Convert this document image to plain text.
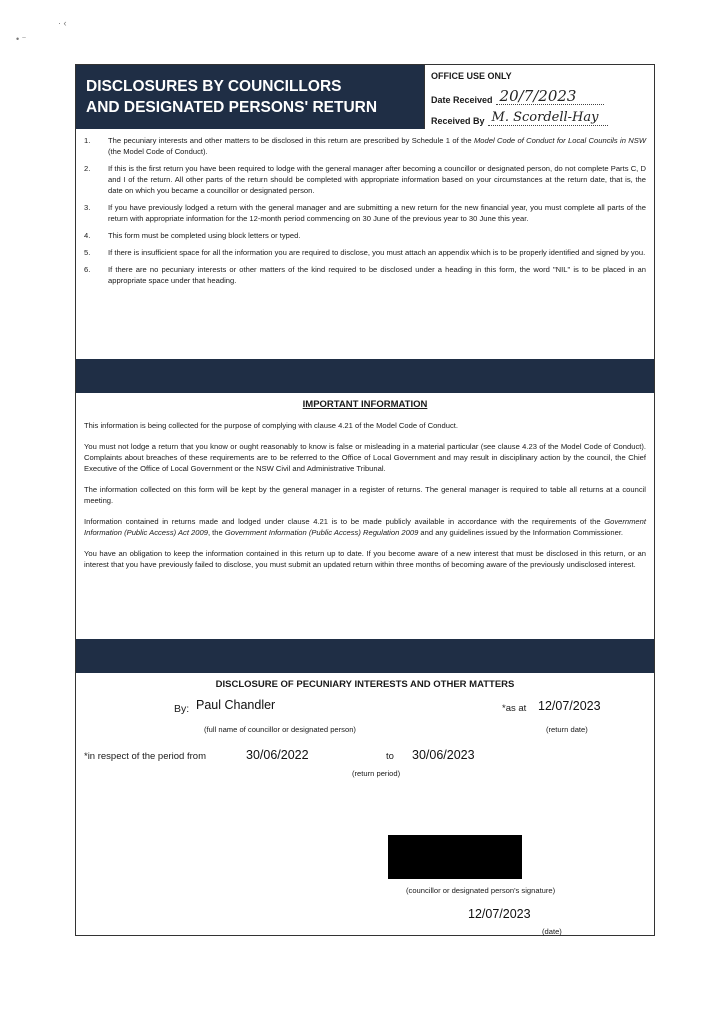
· ‹
• ⁻
DISCLOSURES BY COUNCILLORS
AND DESIGNATED PERSONS' RETURN
OFFICE USE ONLY
Date Received 20/7/2023
Received By M. Scordell-Hay
1. The pecuniary interests and other matters to be disclosed in this return are prescribed by Schedule 1 of the Model Code of Conduct for Local Councils in NSW (the Model Code of Conduct).
2. If this is the first return you have been required to lodge with the general manager after becoming a councillor or designated person, do not complete Parts C, D and I of the return. All other parts of the return should be completed with appropriate information based on your circumstances at the return date, that is, the date on which you became a councillor or designated person.
3. If you have previously lodged a return with the general manager and are submitting a new return for the new financial year, you must complete all parts of the return with appropriate information for the 12-month period commencing on 30 June of the previous year to 30 June this year.
4. This form must be completed using block letters or typed.
5. If there is insufficient space for all the information you are required to disclose, you must attach an appendix which is to be properly identified and signed by you.
6. If there are no pecuniary interests or other matters of the kind required to be disclosed under a heading in this form, the word "NIL" is to be placed in an appropriate space under that heading.
IMPORTANT INFORMATION

This information is being collected for the purpose of complying with clause 4.21 of the Model Code of Conduct.

You must not lodge a return that you know or ought reasonably to know is false or misleading in a material particular (see clause 4.23 of the Model Code of Conduct). Complaints about breaches of these requirements are to be referred to the Office of Local Government and may result in disciplinary action by the council, the Chief Executive of the Office of Local Government or the NSW Civil and Administrative Tribunal.

The information collected on this form will be kept by the general manager in a register of returns. The general manager is required to table all returns at a council meeting.

Information contained in returns made and lodged under clause 4.21 is to be made publicly available in accordance with the requirements of the Government Information (Public Access) Act 2009, the Government Information (Public Access) Regulation 2009 and any guidelines issued by the Information Commissioner.

You have an obligation to keep the information contained in this return up to date. If you become aware of a new interest that must be disclosed in this return, or an interest that you have previously failed to disclose, you must submit an updated return within three months of becoming aware of the previously undisclosed interest.

DISCLOSURE OF PECUNIARY INTERESTS AND OTHER MATTERS
By: Paul Chandler
(full name of councillor or designated person)
*as at 12/07/2023
(return date)
*in respect of the period from	30/06/2022	to 30/06/2023
(return period)
(councillor or designated person's signature)
12/07/2023
(date)
